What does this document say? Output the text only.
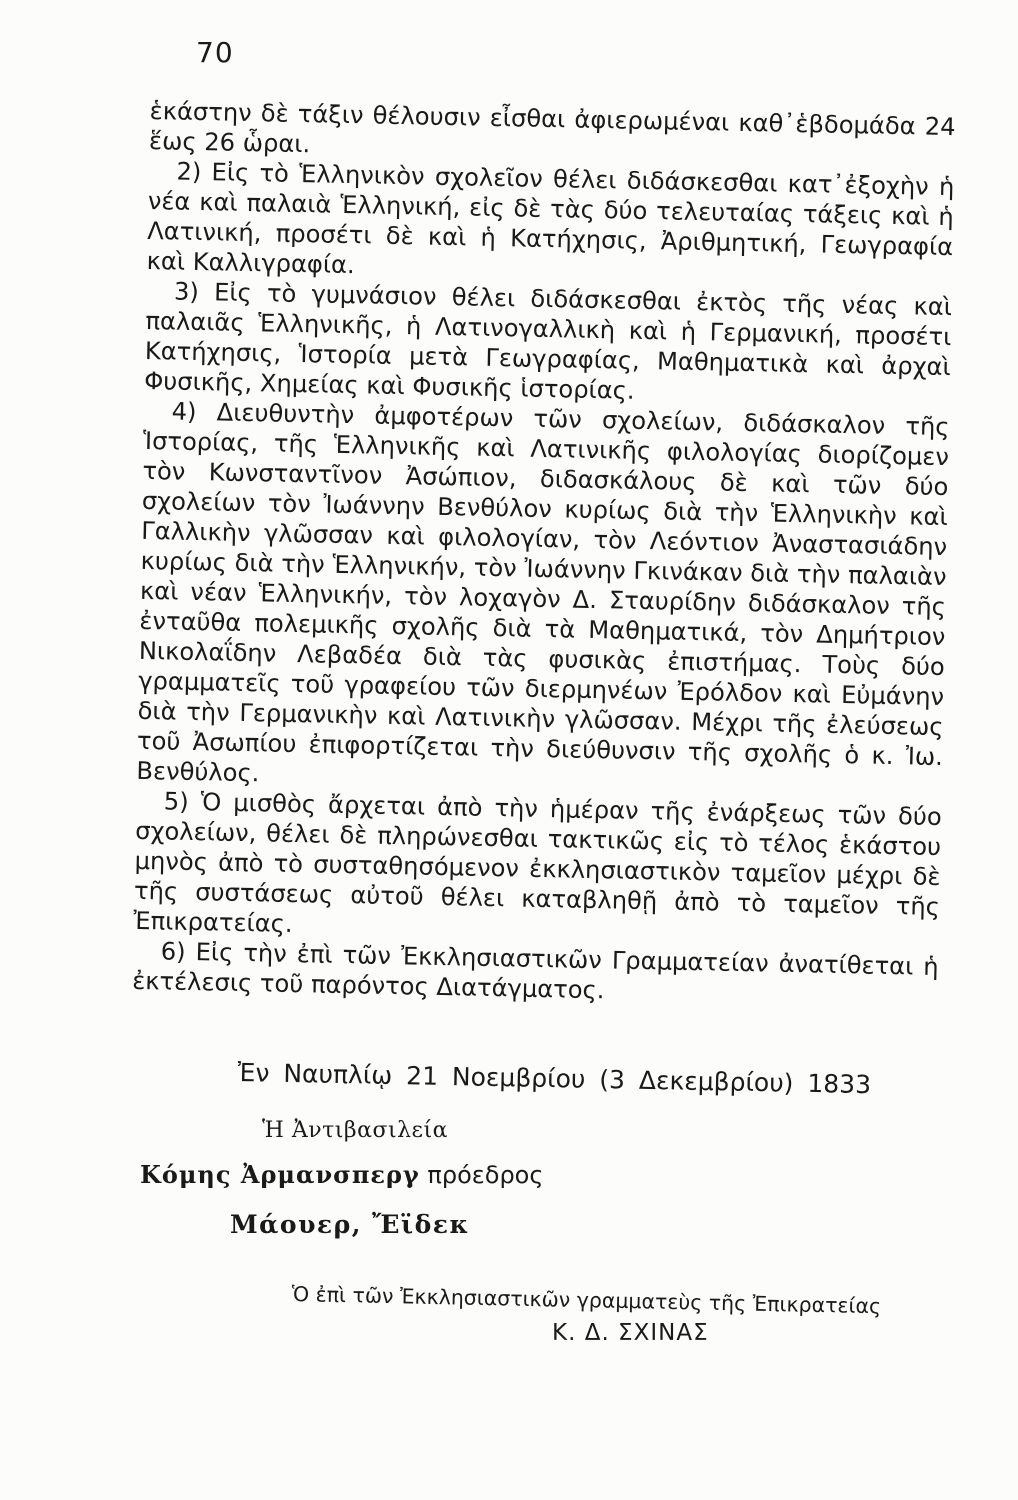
70

ἑκάστην δὲ τάξιν θέλουσιν εἶσθαι ἀφιερωμέναι καθ᾿ἑβδομάδα 24 ἕως 26 ὧραι.

2) Εἰς τὸ Ἑλληνικὸν σχολεῖον θέλει διδάσκεσθαι κατ᾿ἐξοχὴν ἡ νέα καὶ παλαιὰ Ἑλληνική, εἰς δὲ τὰς δύο τελευταίας τάξεις καὶ ἡ Λατινική, προσέτι δὲ καὶ ἡ Κατήχησις, Ἀριθμητική, Γεωγραφία καὶ Καλλιγραφία.

3) Εἰς τὸ γυμνάσιον θέλει διδάσκεσθαι ἐκτὸς τῆς νέας καὶ παλαιᾶς Ἑλληνικῆς, ἡ Λατινογαλλικὴ καὶ ἡ Γερμανική, προσέτι Κατήχησις, Ἱστορία μετὰ Γεωγραφίας, Μαθηματικὰ καὶ ἀρχαὶ Φυσικῆς, Χημείας καὶ Φυσικῆς ἱστορίας.

4) Διευθυντὴν ἀμφοτέρων τῶν σχολείων, διδάσκαλον τῆς Ἱστορίας, τῆς Ἑλληνικῆς καὶ Λατινικῆς φιλολογίας διορίζομεν τὸν Κωνσταντῖνον Ἀσώπιον, διδασκάλους δὲ καὶ τῶν δύο σχολείων τὸν Ἰωάννην Βενθύλον κυρίως διὰ τὴν Ἑλληνικὴν καὶ Γαλλικὴν γλῶσσαν καὶ φιλολογίαν, τὸν Λεόντιον Ἀναστασιάδην κυρίως διὰ τὴν Ἑλληνικήν, τὸν Ἰωάννην Γκινάκαν διὰ τὴν παλαιὰν καὶ νέαν Ἑλληνικήν, τὸν λοχαγὸν Δ. Σταυρίδην διδάσκαλον τῆς ἐνταῦθα πολεμικῆς σχολῆς διὰ τὰ Μαθηματικά, τὸν Δημήτριον Νικολαΐδην Λεβαδέα διὰ τὰς φυσικὰς ἐπιστήμας. Τοὺς δύο γραμματεῖς τοῦ γραφείου τῶν διερμηνέων Ἐρόλδον καὶ Εὐμάνην διὰ τὴν Γερμανικὴν καὶ Λατινικὴν γλῶσσαν. Μέχρι τῆς ἐλεύσεως τοῦ Ἀσωπίου ἐπιφορτίζεται τὴν διεύθυνσιν τῆς σχολῆς ὁ κ. Ἰω. Βενθύλος.

5) Ὁ μισθὸς ἄρχεται ἀπὸ τὴν ἡμέραν τῆς ἐνάρξεως τῶν δύο σχολείων, θέλει δὲ πληρώνεσθαι τακτικῶς εἰς τὸ τέλος ἑκάστου μηνὸς ἀπὸ τὸ συσταθησόμενον ἐκκλησιαστικὸν ταμεῖον μέχρι δὲ τῆς συστάσεως αὐτοῦ θέλει καταβληθῇ ἀπὸ τὸ ταμεῖον τῆς Ἐπικρατείας.

6) Εἰς τὴν ἐπὶ τῶν Ἐκκλησιαστικῶν Γραμματείαν ἀνατίθεται ἡ ἐκτέλεσις τοῦ παρόντος Διατάγματος.

Ἐν Ναυπλίῳ 21 Νοεμβρίου (3 Δεκεμβρίου) 1833
Ἡ Ἀντιβασιλεία
Κόμης Ἀρμανσπεργ πρόεδρος
Μάουερ, Ἔϊδεκ
Ὁ ἐπὶ τῶν Ἐκκλησιαστικῶν γραμματεὺς τῆς Ἐπικρατείας
Κ. Δ. ΣΧΙΝΑΣ
